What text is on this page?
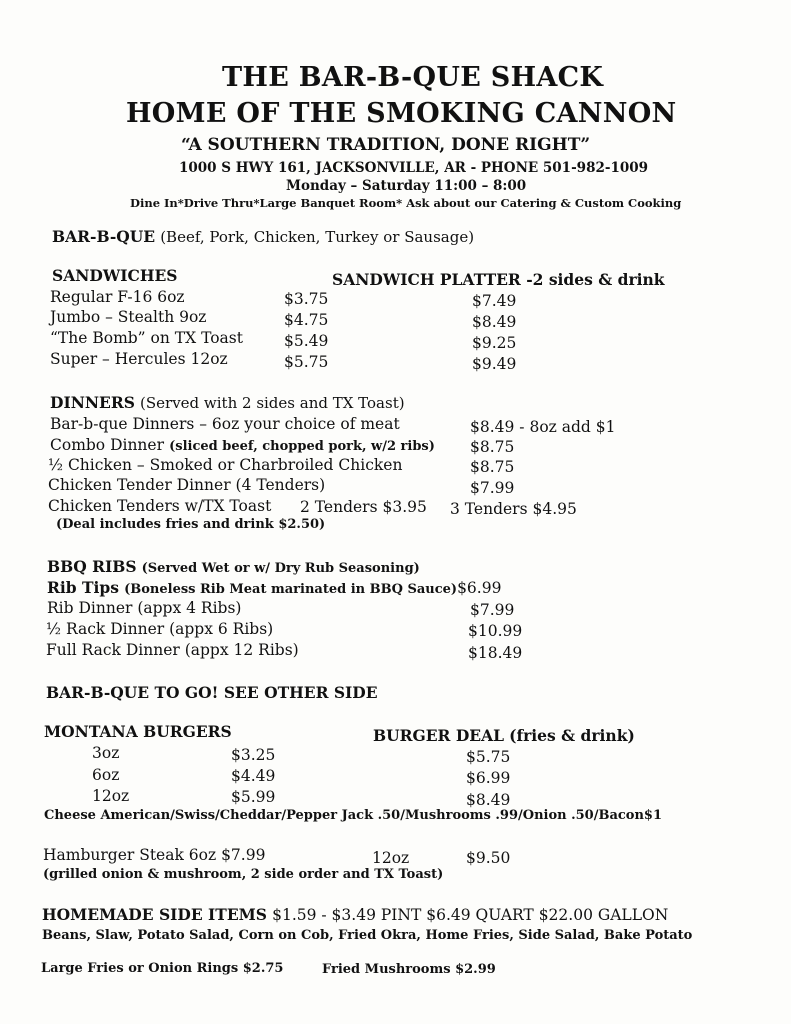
THE BAR-B-QUE SHACK
HOME OF THE SMOKING CANNON
“A SOUTHERN TRADITION, DONE RIGHT”
1000 S HWY 161, JACKSONVILLE, AR - PHONE 501-982-1009
Monday – Saturday 11:00 – 8:00
Dine In*Drive Thru*Large Banquet Room* Ask about our Catering & Custom Cooking
BAR-B-QUE (Beef, Pork, Chicken, Turkey or Sausage)
SANDWICHES	SANDWICH PLATTER -2 sides & drink
Regular F-16 6oz	$3.75	$7.49
Jumbo – Stealth 9oz	$4.75	$8.49
“The Bomb” on TX Toast	$5.49	$9.25
Super – Hercules 12oz	$5.75	$9.49
DINNERS (Served with 2 sides and TX Toast)
Bar-b-que Dinners – 6oz your choice of meat	$8.49 - 8oz add $1
Combo Dinner (sliced beef, chopped pork, w/2 ribs) $8.75
½ Chicken – Smoked or Charbroiled Chicken	$8.75
Chicken Tender Dinner (4 Tenders)	$7.99
Chicken Tenders w/TX Toast 2 Tenders $3.95 3 Tenders $4.95
(Deal includes fries and drink $2.50)
BBQ RIBS (Served Wet or w/ Dry Rub Seasoning)
Rib Tips (Boneless Rib Meat marinated in BBQ Sauce)$6.99
Rib Dinner (appx 4 Ribs)	$7.99
½ Rack Dinner (appx 6 Ribs)	$10.99
Full Rack Dinner (appx 12 Ribs)	$18.49
BAR-B-QUE TO GO! SEE OTHER SIDE
MONTANA BURGERS	BURGER DEAL (fries & drink)
3oz	$3.25	$5.75
6oz	$4.49	$6.99
12oz	$5.99	$8.49
Cheese American/Swiss/Cheddar/Pepper Jack .50/Mushrooms .99/Onion .50/Bacon$1
Hamburger Steak 6oz $7.99	12oz	$9.50
(grilled onion & mushroom, 2 side order and TX Toast)
HOMEMADE SIDE ITEMS $1.59 - $3.49 PINT $6.49 QUART $22.00 GALLON
Beans, Slaw, Potato Salad, Corn on Cob, Fried Okra, Home Fries, Side Salad, Bake Potato
Large Fries or Onion Rings $2.75	Fried Mushrooms $2.99
